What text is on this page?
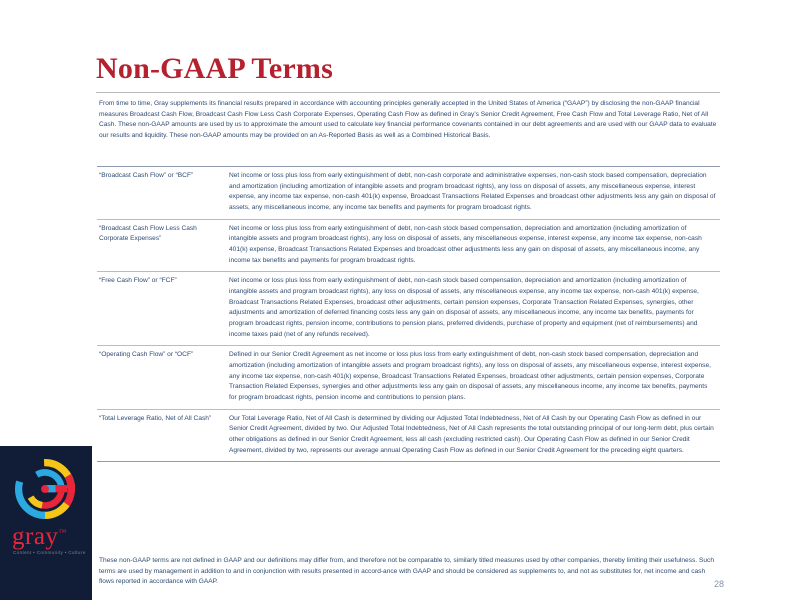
Non-GAAP Terms
From time to time, Gray supplements its financial results prepared in accordance with accounting principles generally accepted in the United States of America (“GAAP”) by disclosing the non-GAAP financial measures Broadcast Cash Flow, Broadcast Cash Flow Less Cash Corporate Expenses, Operating Cash Flow as defined in Gray’s Senior Credit Agreement, Free Cash Flow and Total Leverage Ratio, Net of All Cash. These non-GAAP amounts are used by us to approximate the amount used to calculate key financial performance covenants contained in our debt agreements and are used with our GAAP data to evaluate our results and liquidity. These non-GAAP amounts may be provided on an As-Reported Basis as well as a Combined Historical Basis.
“Broadcast Cash Flow” or “BCF”	Net income or loss plus loss from early extinguishment of debt, non-cash corporate and administrative expenses, non-cash stock based compensation, depreciation and amortization (including amortization of intangible assets and program broadcast rights), any loss on disposal of assets, any miscellaneous expense, interest expense, any income tax expense, non-cash 401(k) expense, Broadcast Transactions Related Expenses and broadcast other adjustments less any gain on disposal of assets, any miscellaneous income, any income tax benefits and payments for program broadcast rights.
“Broadcast Cash Flow Less Cash Corporate Expenses”	Net income or loss plus loss from early extinguishment of debt, non-cash stock based compensation, depreciation and amortization (including amortization of intangible assets and program broadcast rights), any loss on disposal of assets, any miscellaneous expense, interest expense, any income tax expense, non-cash 401(k) expense, Broadcast Transactions Related Expenses and broadcast other adjustments less any gain on disposal of assets, any miscellaneous income, any income tax benefits and payments for program broadcast rights.
“Free Cash Flow” or “FCF”	Net income or loss plus loss from early extinguishment of debt, non-cash stock based compensation, depreciation and amortization (including amortization of intangible assets and program broadcast rights), any loss on disposal of assets, any miscellaneous expense, any income tax expense, non-cash 401(k) expense, Broadcast Transactions Related Expenses, broadcast other adjustments, certain pension expenses, Corporate Transaction Related Expenses, synergies, other adjustments and amortization of deferred financing costs less any gain on disposal of assets, any miscellaneous income, any income tax benefits, payments for program broadcast rights, pension income, contributions to pension plans, preferred dividends, purchase of property and equipment (net of reimbursements) and income taxes paid (net of any refunds received).
“Operating Cash Flow” or “OCF”	Defined in our Senior Credit Agreement as net income or loss plus loss from early extinguishment of debt, non-cash stock based compensation, depreciation and amortization (including amortization of intangible assets and program broadcast rights), any loss on disposal of assets, any miscellaneous expense, interest expense, any income tax expense, non-cash 401(k) expense, Broadcast Transactions Related Expenses, broadcast other adjustments, certain pension expenses, Corporate Transaction Related Expenses, synergies and other adjustments less any gain on disposal of assets, any miscellaneous income, any income tax benefits, payments for program broadcast rights, pension income and contributions to pension plans.
“Total Leverage Ratio, Net of All Cash”	Our Total Leverage Ratio, Net of All Cash is determined by dividing our Adjusted Total Indebtedness, Net of All Cash by our Operating Cash Flow as defined in our Senior Credit Agreement, divided by two. Our Adjusted Total Indebtedness, Net of All Cash represents the total outstanding principal of our long-term debt, plus certain other obligations as defined in our Senior Credit Agreement, less all cash (excluding restricted cash). Our Operating Cash Flow as defined in our Senior Credit Agreement, divided by two, represents our average annual Operating Cash Flow as defined in our Senior Credit Agreement for the preceding eight quarters.
These non-GAAP terms are not defined in GAAP and our definitions may differ from, and therefore not be comparable to, similarly titled measures used by other companies, thereby limiting their usefulness. Such terms are used by management in addition to and in conjunction with results presented in accord-ance with GAAP and should be considered as supplements to, and not as substitutes for, net income and cash flows reported in accordance with GAAP.	28
gray™
Content • Community • Culture
